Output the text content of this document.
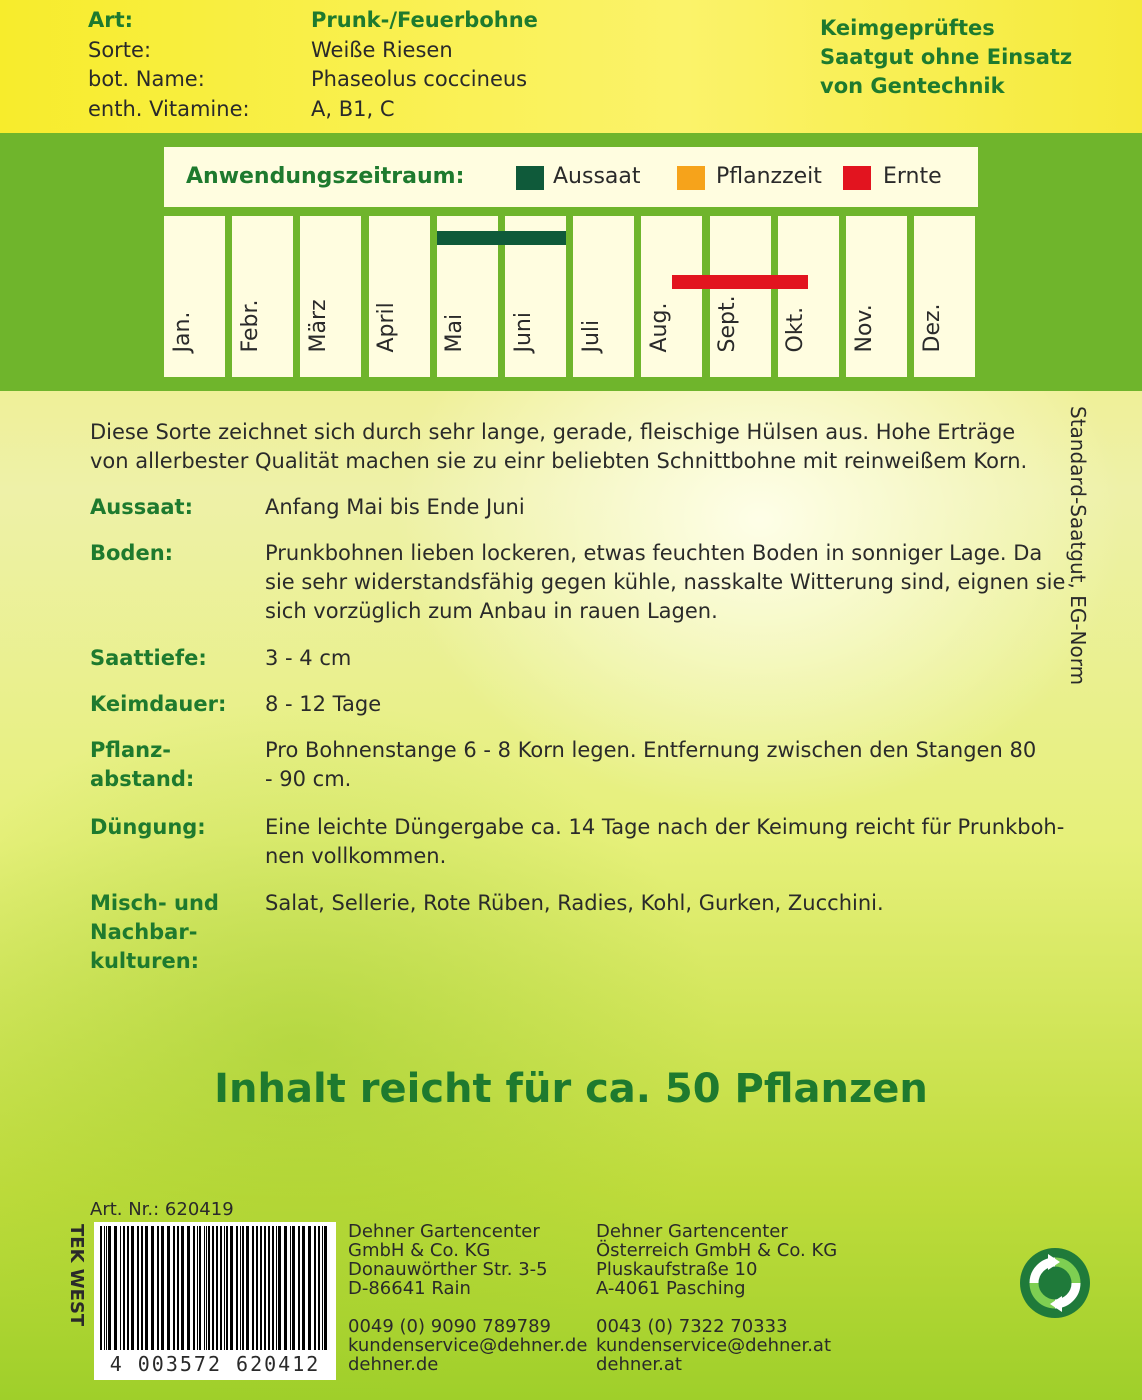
Art:	Prunk-/Feuerbohne
Sorte:	Weiße Riesen
bot. Name:	Phaseolus coccineus
enth. Vitamine:	A, B1, C
Keimgeprüftes
Saatgut ohne Einsatz
von Gentechnik
Anwendungszeitraum:	Aussaat	Pflanzzeit	Ernte
Jan. Febr. März April Mai Juni Juli Aug. Sept. Okt. Nov. Dez.
Diese Sorte zeichnet sich durch sehr lange, gerade, fleischige Hülsen aus. Hohe Erträge von allerbester Qualität machen sie zu einr beliebten Schnittbohne mit reinweißem Korn.
Aussaat:	Anfang Mai bis Ende Juni
Boden:	Prunkbohnen lieben lockeren, etwas feuchten Boden in sonniger Lage. Da
sie sehr widerstandsfähig gegen kühle, nasskalte Witterung sind, eignen sie
sich vorzüglich zum Anbau in rauen Lagen.
Saattiefe:	3 - 4 cm
Keimdauer:	8 - 12 Tage
Pflanz-
abstand:
Pro Bohnenstange 6 - 8 Korn legen. Entfernung zwischen den Stangen 80
- 90 cm.
Düngung:	Eine leichte Düngergabe ca. 14 Tage nach der Keimung reicht für Prunkboh-
nen vollkommen.
Misch- und
Nachbar-
kulturen:
Salat, Sellerie, Rote Rüben, Radies, Kohl, Gurken, Zucchini.
Standard-Saatgut, EG-Norm
Inhalt reicht für ca. 50 Pflanzen
Art. Nr.: 620419
TEK WEST
4 003572 620412
Dehner Gartencenter
GmbH & Co. KG
Donauwörther Str. 3-5
D-86641 Rain
0049 (0) 9090 789789
kundenservice@dehner.de
dehner.de
Dehner Gartencenter
Österreich GmbH & Co. KG
Pluskaufstraße 10
A-4061 Pasching
0043 (0) 7322 70333
kundenservice@dehner.at
dehner.at
